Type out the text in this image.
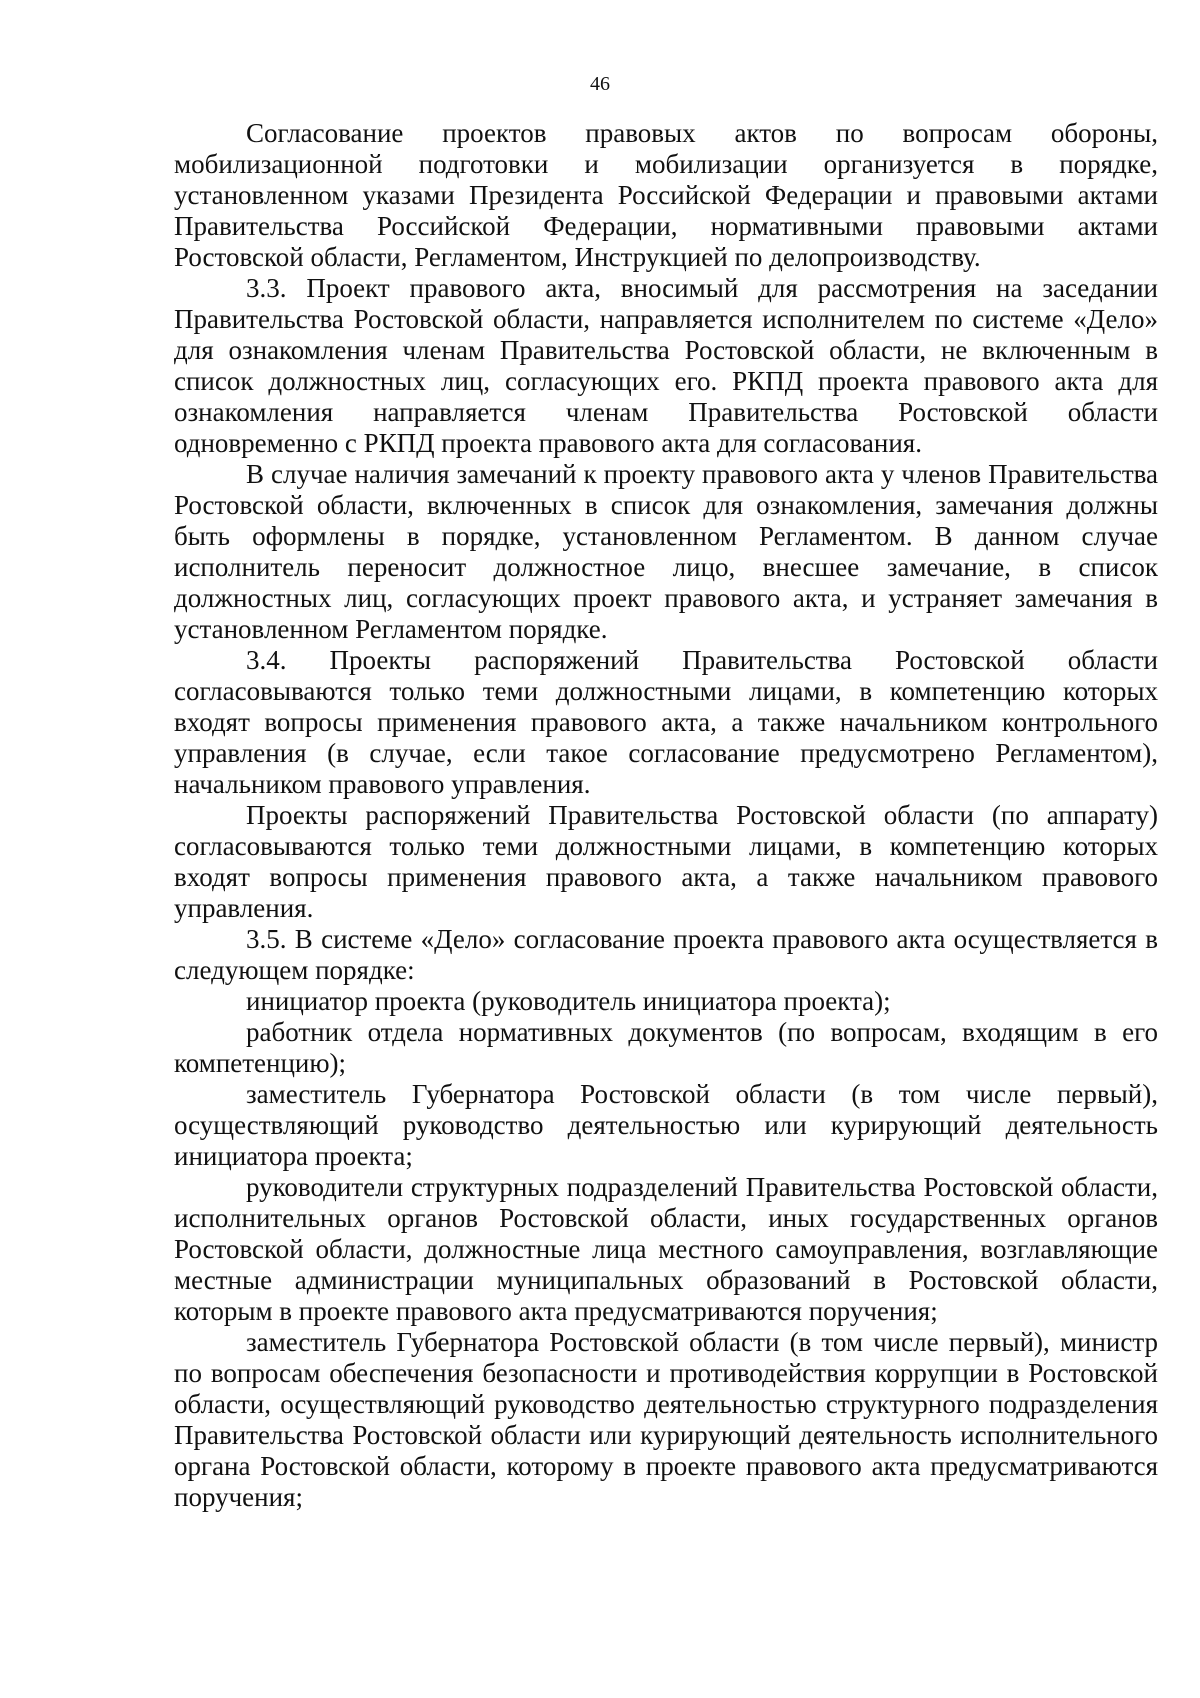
46

Согласование проектов правовых актов по вопросам обороны, мобилизационной подготовки и мобилизации организуется в порядке, установленном указами Президента Российской Федерации и правовыми актами Правительства Российской Федерации, нормативными правовыми актами Ростовской области, Регламентом, Инструкцией по делопроизводству.

3.3. Проект правового акта, вносимый для рассмотрения на заседании Правительства Ростовской области, направляется исполнителем по системе «Дело» для ознакомления членам Правительства Ростовской области, не включенным в список должностных лиц, согласующих его. РКПД проекта правового акта для ознакомления направляется членам Правительства Ростовской области одновременно с РКПД проекта правового акта для согласования.

В случае наличия замечаний к проекту правового акта у членов Правительства Ростовской области, включенных в список для ознакомления, замечания должны быть оформлены в порядке, установленном Регламентом. В данном случае исполнитель переносит должностное лицо, внесшее замечание, в список должностных лиц, согласующих проект правового акта, и устраняет замечания в установленном Регламентом порядке.

3.4. Проекты распоряжений Правительства Ростовской области согласовываются только теми должностными лицами, в компетенцию которых входят вопросы применения правового акта, а также начальником контрольного управления (в случае, если такое согласование предусмотрено Регламентом), начальником правового управления.

Проекты распоряжений Правительства Ростовской области (по аппарату) согласовываются только теми должностными лицами, в компетенцию которых входят вопросы применения правового акта, а также начальником правового управления.

3.5. В системе «Дело» согласование проекта правового акта осуществляется в следующем порядке:

инициатор проекта (руководитель инициатора проекта);

работник отдела нормативных документов (по вопросам, входящим в его компетенцию);

заместитель Губернатора Ростовской области (в том числе первый), осуществляющий руководство деятельностью или курирующий деятельность инициатора проекта;

руководители структурных подразделений Правительства Ростовской области, исполнительных органов Ростовской области, иных государственных органов Ростовской области, должностные лица местного самоуправления, возглавляющие местные администрации муниципальных образований в Ростовской области, которым в проекте правового акта предусматриваются поручения;

заместитель Губернатора Ростовской области (в том числе первый), министр по вопросам обеспечения безопасности и противодействия коррупции в Ростовской области, осуществляющий руководство деятельностью структурного подразделения Правительства Ростовской области или курирующий деятельность исполнительного органа Ростовской области, которому в проекте правового акта предусматриваются поручения;
